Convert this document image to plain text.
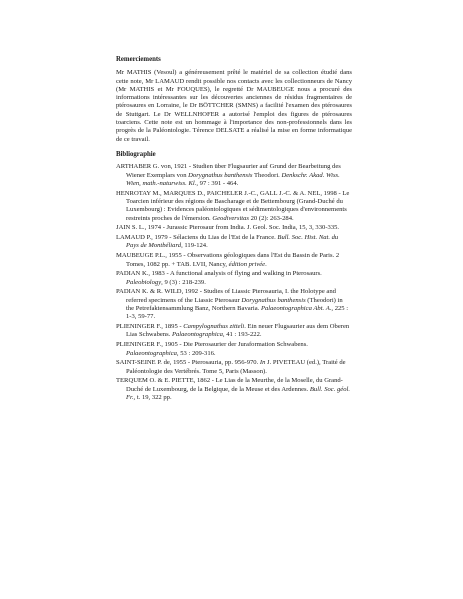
Remerciements

Mr MATHIS (Vesoul) a généreusement prêté le matériel de sa collection étudié dans cette note, Mr LAMAUD rendit possible nos contacts avec les collectionneurs de Nancy (Mr MATHIS et Mr FOUQUES), le regretté Dr MAUBEUGE nous a procuré des informations intéressantes sur les découvertes anciennes de résidus fragmentaires de ptérosaures en Lorraine, le Dr BÖTTCHER (SMNS) a facilité l'examen des ptérosaures de Stuttgart. Le Dr WELLNHOFER a autorisé l'emploi des figures de ptérosaures toarciens. Cette note est un hommage à l'importance des non-professionnels dans les progrès de la Paléontologie. Térence DELSATE a réalisé la mise en forme informatique de ce travail.

Bibliographie

ARTHABER G. von, 1921 - Studien über Flugsaurier auf Grund der Bearbeitung des Wiener Exemplars von Dorygnathus banthensis Theodori. Denkschr. Akad. Wiss. Wien, math.-naturwiss. Kl., 97 : 391 - 464.

HENROTAY M., MARQUES D., PAICHELER J.-C., GALL J.-C. & A. NEL, 1998 - Le Toarcien inférieur des régions de Bascharage et de Bettembourg (Grand-Duché du Luxembourg) : Evidences paléontologiques et sédimentologiques d'environnements restreints proches de l'émersion. Geodiversitas 20 (2): 263-284.

JAIN S. L., 1974 - Jurassic Pterosaur from India. J. Geol. Soc. India, 15, 3, 330-335.

LAMAUD P., 1979 - Sélaciens du Lias de l'Est de la France. Bull. Soc. Hist. Nat. du Pays de Montbéliard, 119-124.

MAUBEUGE P.L., 1955 - Observations géologiques dans l'Est du Bassin de Paris. 2 Tomes, 1082 pp. + TAB. LVII, Nancy, édition privée.

PADIAN K., 1983 - A functional analysis of flying and walking in Pterosaurs. Paleobiology, 9 (3) : 218-239.

PADIAN K. & R. WILD, 1992 - Studies of Liassic Pterosauria, I. the Holotype and referred specimens of the Liassic Pterosaur Dorygnathus banthensis (Theodori) in the Petrefaktensammlung Banz, Northern Bavaria. Palaeontographica Abt. A., 225 : 1-3, 59-77.

PLIENINGER F., 1895 - Campylognathus zitteli. Ein neuer Flugsaurier aus dem Oberen Lias Schwabens. Palaeontographica, 41 : 193-222.

PLIENINGER F., 1905 - Die Pterosaurier der Juraformation Schwabens. Palaeontographica, 53 : 209-316.

SAINT-SEINE P. de, 1955 - Pterosauria, pp. 956-970. In J. PIVETEAU (ed.), Traité de Paléontologie des Vertébrés. Tome 5, Paris (Masson).

TERQUEM O. & E. PIETTE, 1862 - Le Lias de la Meurthe, de la Moselle, du Grand-Duché de Luxembourg, de la Belgique, de la Meuse et des Ardennes. Bull. Soc. géol. Fr., t. 19, 322 pp.
